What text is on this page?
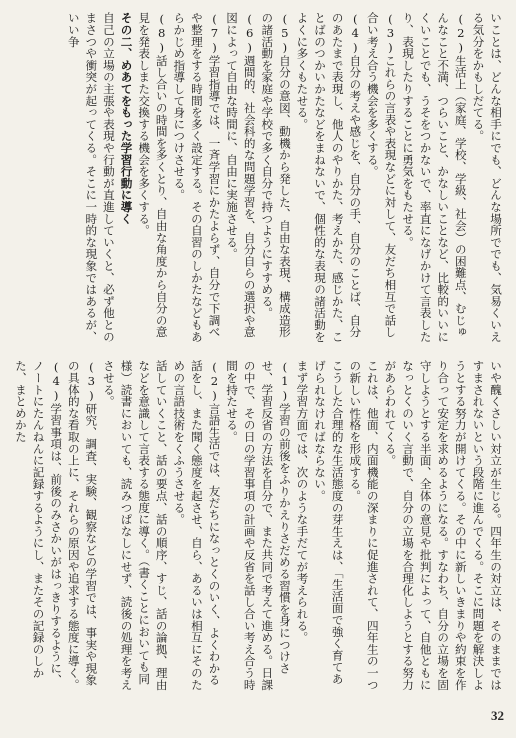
いことは、どんな相手にでも、どんな場所ででも、気易くいえる気分をかもしだてる。

(2)生活上（家庭、学校、学級、社会）の困難点、むじゅんなこと不満、つらいこと、かなしいことなど、比較的いいにくいことでも、うそをつかないで、率直になげかけて言表したり、表現したりすることに勇気をもたせる。

(3)これらの言表や表現などに対して、友だち相互で話し合い考え合う機会を多くする。

(4)自分の考えや感じを、自分の手、自分のことば、自分のあたまで表現し、他人のやりかた、考えかた、感じかた、ことばのつかいかたなどをまねないで、個性的な表現の諸活動をよくに多くもたせる。

(5)自分の意図、動機から発した、自由な表現、構成造形の諸活動を家庭や学校で多く自分で持つようにすすめる。

(6)週間的、社会科的な問題学習を、自分自らの選択や意図によって自由な時間に、自由に実施させる。

(7)学習指導では、一斉学習にかたよらず、自分で下調べや整理をする時間を多く設定する。その自習のしかたなどもあらかじめ指導して身につけさせる。

(8)話し合いの時間を多くとり、自由な角度から自分の意見を発表しまた交換する機会を多くする。

その二、めあてをもった学習行動に導く

自己の立場の主張や表現や行動が直進していくと、必ず他とのまさつや衝突が起ってくる。そこに一時的な現象ではあるが、いい争

いや醜くさしい対立が生じる。四年生の対立は、そのままではすまされないという段階に進んでくる。そこに問題を解決しようとする努力が開けてくる。その中に新しいきまりや約束を作り合って安定を求めるようになる。すなわち、自分の立場を固守しようとする半面、全体の意見や批判によって、自他ともになっとくのいく言動で、自分の立場を合理化しようとする努力があらわれてくる。

これは、他面、内面機能の深まりに促進されて、四年生の一つの新しい性格を形成する。

こうした合理的な生活態度の芽生えは、「生活面で強く育てあげられなければならない。

まず学習方面では、次のような手だてが考えられる。

(1)学習の前後をふりかえりさだめる習慣を身につけさせ、学習反省の方法を自分で、また共同で考えて進める。日課の中で、その日の学習事項の計画や反省を話し合い考え合う時間を持たせる。

(2)言語生活では、友だちになっとくのいく、よくわかる話をし、また聞く態度を起させ、自ら、あるいは相互にそのための言語技術をくふうさせる。

話していくこと、話の要点、話の順序、すじ、話の論拠、理由などを意識して言表する態度に導く。（書くことにおいても同様）読書においても、読みつぱなしにせず、読後の処理を考えさせる。

(3)研究、調査、実験、観察などの学習では、事実や現象の具体的な看取の上に、それらの原因や追求する態度に導く。

(4)学習事項は、前後のみさかいがはっきりするように、ノートにたんねんに記録するようにし、またその記録のしかた、まとめかた

32
